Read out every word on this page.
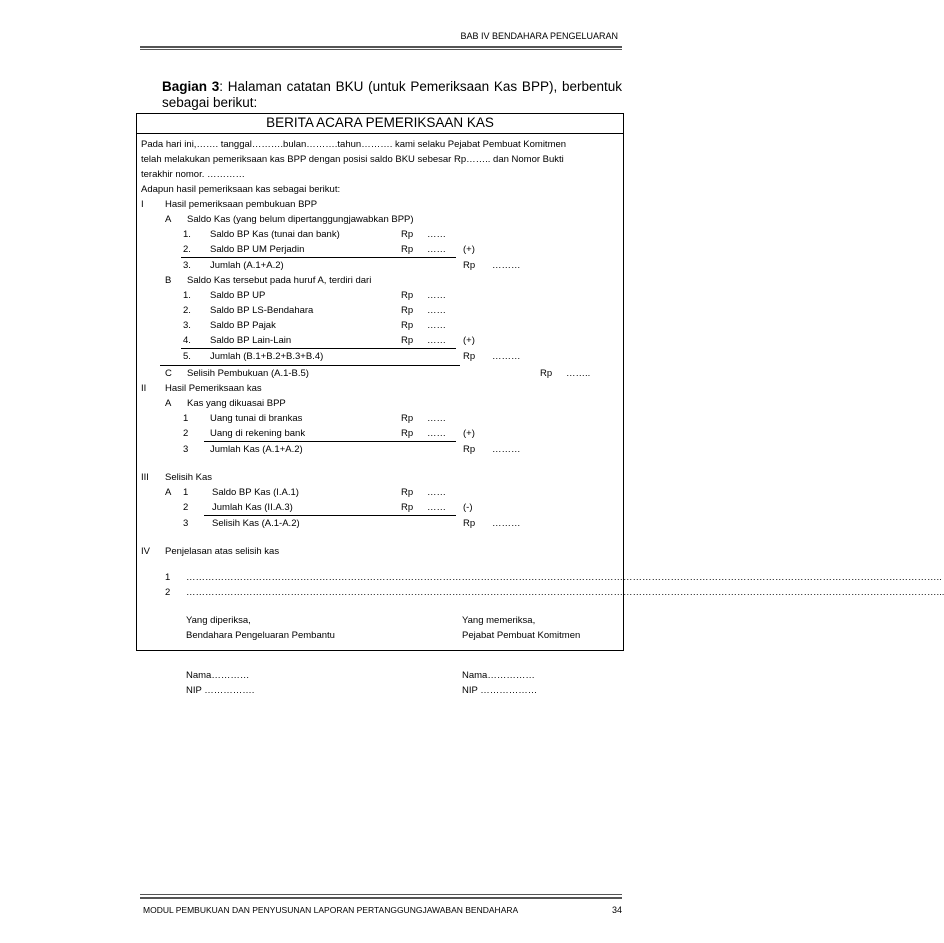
BAB IV BENDAHARA PENGELUARAN
Bagian 3: Halaman catatan BKU (untuk Pemeriksaan Kas BPP), berbentuk sebagai berikut:
BERITA ACARA PEMERIKSAAN KAS
Pada hari ini,……. tanggal……….bulan……….tahun………. kami selaku Pejabat Pembuat Komitmen
telah melakukan pemeriksaan kas BPP dengan posisi saldo BKU sebesar Rp…….. dan Nomor Bukti
terakhir nomor. …………
Adapun hasil pemeriksaan kas sebagai berikut:
I Hasil pemeriksaan pembukuan BPP
A Saldo Kas (yang belum dipertanggungjawabkan BPP)
1. Saldo BP Kas (tunai dan bank)	Rp ……
2. Saldo BP UM Perjadin	Rp …… (+)
3. Jumlah (A.1+A.2)	Rp ………
B Saldo Kas tersebut pada huruf A, terdiri dari
1. Saldo BP UP	Rp ……
2. Saldo BP LS-Bendahara	Rp ……
3. Saldo BP Pajak	Rp ……
4. Saldo BP Lain-Lain	Rp …… (+)
5. Jumlah (B.1+B.2+B.3+B.4)	Rp ………
C Selisih Pembukuan (A.1-B.5)	Rp ……..
II Hasil Pemeriksaan kas
A Kas yang dikuasai BPP
1 Uang tunai di brankas	Rp ……
2 Uang di rekening bank	Rp …… (+)
3 Jumlah Kas (A.1+A.2)	Rp ………
III Selisih Kas
A 1 Saldo BP Kas (I.A.1)	Rp ……
2 Jumlah Kas (II.A.3)	Rp …… (-)
3 Selisih Kas (A.1-A.2)	Rp ………
IV Penjelasan atas selisih kas
1 …………………………………………………………………………………………………………………………………………………………………………………………………………………..
2 …………………………………………………………………………………………………………………………………………………………………………………………………………………...
Yang diperiksa,
Bendahara Pengeluaran Pembantu
Yang memeriksa,
Pejabat Pembuat Komitmen
Nama…………
NIP …………….
Nama……………
NIP ………………
MODUL PEMBUKUAN DAN PENYUSUNAN LAPORAN PERTANGGUNGJAWABAN BENDAHARA	34
